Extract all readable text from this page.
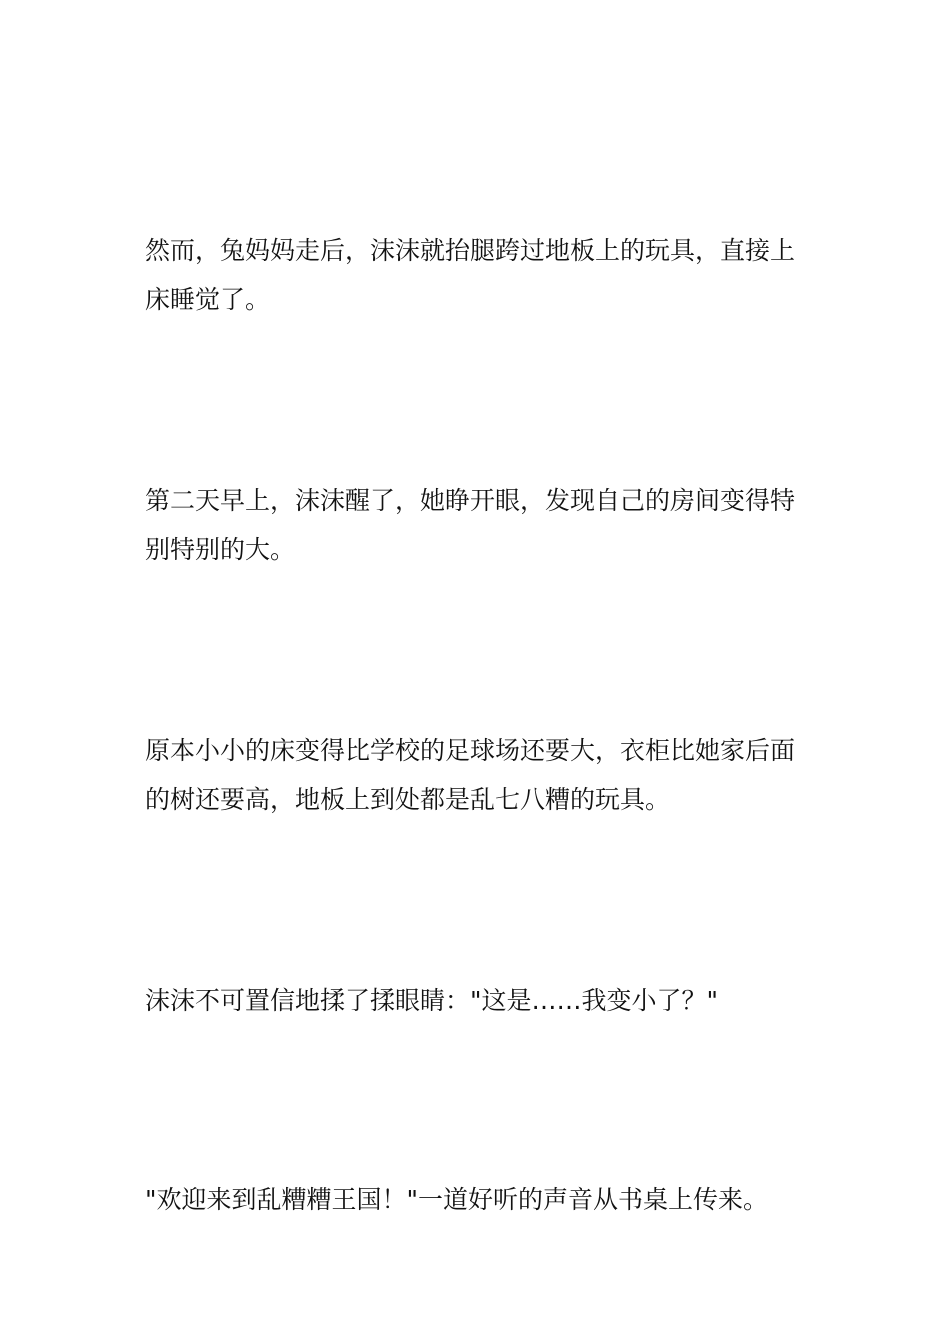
然而，兔妈妈走后，沫沫就抬腿跨过地板上的玩具，直接上床睡觉了。

第二天早上，沫沫醒了，她睁开眼，发现自己的房间变得特别特别的大。

原本小小的床变得比学校的足球场还要大，衣柜比她家后面的树还要高，地板上到处都是乱七八糟的玩具。

沫沫不可置信地揉了揉眼睛："这是……我变小了？"

"欢迎来到乱糟糟王国！"一道好听的声音从书桌上传来。
